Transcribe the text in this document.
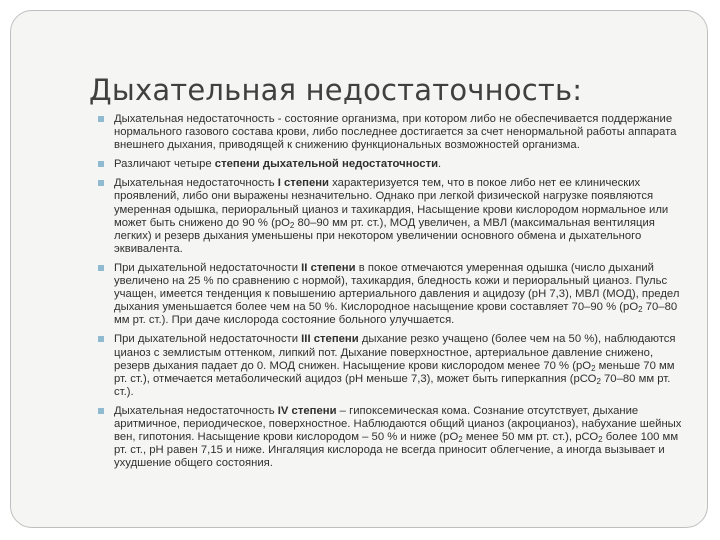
Дыхательная недостаточность:
Дыхательная недостаточность - состояние организма, при котором либо не обеспечивается поддержание нормального газового состава крови, либо последнее достигается за счет ненормальной работы аппарата внешнего дыхания, приводящей к снижению функциональных возможностей организма.
Различают четыре степени дыхательной недостаточности.
Дыхательная недостаточность I степени характеризуется тем, что в покое либо нет ее клинических проявлений, либо они выражены незначительно. Однако при легкой физической нагрузке появляются умеренная одышка, периоральный цианоз и тахикардия, Насыщение крови кислородом нормальное или может быть снижено до 90 % ($рО_2$ 80–90 мм рт. ст.), МОД увеличен, а МВЛ (максимальная вентиляция легких) и резерв дыхания уменьшены при некотором увеличении основного обмена и дыхательного эквивалента.
При дыхательной недостаточности II степени в покое отмечаются умеренная одышка (число дыханий увеличено на 25 % по сравнению с нормой), тахикардия, бледность кожи и периоральный цианоз. Пульс учащен, имеется тенденция к повышению артериального давления и ацидозу (рН 7,3), МВЛ (МОД), предел дыхания уменьшается более чем на 50 %. Кислородное насыщение крови составляет 70–90 % ($рО_2$ 70–80 мм рт. ст.). При даче кислорода состояние больного улучшается.
При дыхательной недостаточности III степени дыхание резко учащено (более чем на 50 %), наблюдаются цианоз с землистым оттенком, липкий пот. Дыхание поверхностное, артериальное давление снижено, резерв дыхания падает до 0. МОД снижен. Насыщение крови кислородом менее 70 % ($рО_2$ меньше 70 мм рт. ст.), отмечается метаболический ацидоз (рН меньше 7,3), может быть гиперкапния (рСО$_2$ 70–80 мм рт. ст.).
Дыхательная недостаточность IV степени – гипоксемическая кома. Сознание отсутствует, дыхание аритмичное, периодическое, поверхностное. Наблюдаются общий цианоз (акроцианоз), набухание шейных вен, гипотония. Насыщение крови кислородом – 50 % и ниже ($рО_2$ менее 50 мм рт. ст.), рСО$_2$ более 100 мм рт. ст., рН равен 7,15 и ниже. Ингаляция кислорода не всегда приносит облегчение, а иногда вызывает и ухудшение общего состояния.
